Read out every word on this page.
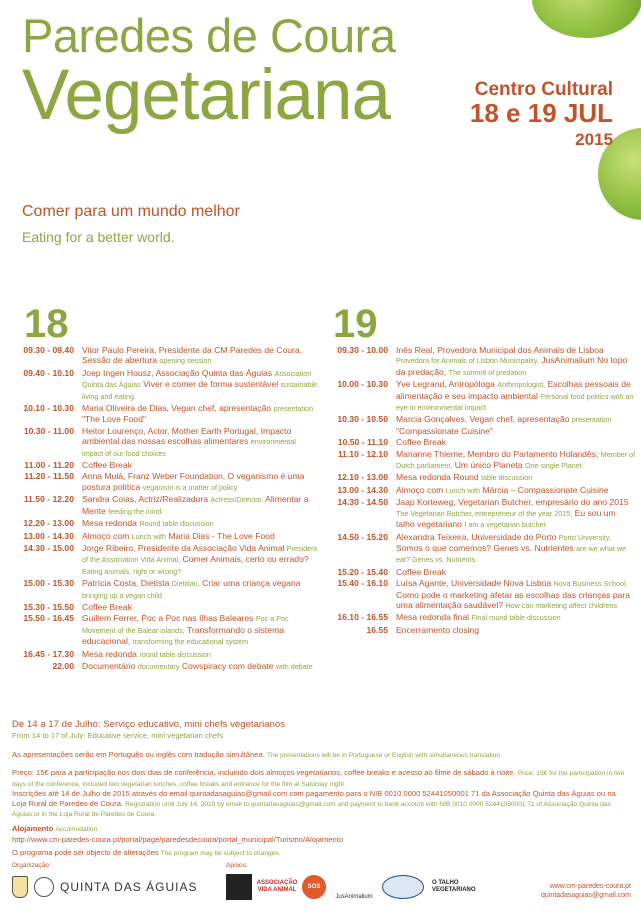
Paredes de Coura
Vegetariana	Centro Cultural
18 e 19 JUL
2015
Comer para um mundo melhor
Eating for a better world.
18
09.30 - 09.40 Vitor Paulo Pereira, Presidente da CM Paredes de Coura, Sessão de abertura opening session
09.40 - 10.10 Joep Ingen Housz, Associação Quinta das Águias Association Quinta das Águias Viver e comer de forma sustentável sustainable living and eating
10.10 - 10.30 Maria Oliveira de Dias, Vegan chef, apresentação presentation "The Love Food"
10.30 - 11.00 Heitor Lourenço, Actor, Mother Earth Portugal, Impacto ambiental das nossas escolhas alimentares environmental impact of our food choices
11.00 - 11.20 Coffee Break
11.20 - 11.50 Anna Mulà, Franz Weber Foundation, O veganismo é uma postura política veganism is a matter of policy
11.50 - 12.20 Sandra Coias, Actriz/Realizadora Actress/Director, Alimentar a Mente feeding the mind
12.20 - 13.00 Mesa redonda Round table discussion
13.00 - 14.30 Almoço com Lunch with Maria Dias - The Love Food
14.30 - 15.00 Jorge Ribeiro, Presidente da Associação Vida Animal President of the Association Vida Animal, Comer Animais, certo ou errado? Eating animals, right or wrong?
15.00 - 15.30 Patrícia Costa, Dietista Dietitian, Criar uma criança vegana bringing up a vegan child
15.30 - 15.50 Coffee Break
15.50 - 16.45 Guillem Ferrer, Poc a Poc nas Ilhas Baleares Poc a Poc Movement of the Balear islands, Transformando o sistema educacional, transforming the educational system
16.45 - 17.30 Mesa redonda round table discussion
22.00 Documentário documentary Cowspiracy com debate with debate
19
09.30 - 10.00 Inês Real, Provedora Municipal dos Animais de Lisboa Provedora for Animals of Lisbon Municipality, JusAnimalium No topo da predação, The summit of predation
10.00 - 10.30 Yve Legrand, Antropóloga Anthropologist, Escolhas pessoais de alimentação e seu impacto ambiental Personal food politics with an eye to environmental impact
10.30 - 10.50 Marcia Gonçalves, Vegan chef, apresentação presentation "Compassionate Cuisine"
10.50 - 11.10 Coffee Break
11.10 - 12.10 Marianne Thieme, Membro do Parlamento Holandês, Member of Dutch parliament, Um único Planeta One single Planet
12.10 - 13.00 Mesa redonda Round table discussion
13.00 - 14.30 Almoço com Lunch with Márcia – Compassionate Cuisine
14.30 - 14.50 Jaap Korteweg, Vegetarian Butcher, empresário do ano 2015 The Vegetarian Butcher, entrepreneur of the year 2015, Eu sou um talho vegetariano I am a vegetarian butcher
14.50 - 15.20 Alexandra Teixeira, Universidade do Porto Porto University, Somos o que comemos? Genes vs. Nutrientes are we what we eat? Genes vs. Nutrients
15.20 - 15.40 Coffee Break
15.40 - 16.10 Luísa Agante, Universidade Nova Lisboa Nova Business School, Como pode o marketing afetar as escolhas das crianças para uma alimentação saudável? How can marketing affect childrens
16.10 - 16.55 Mesa redonda final Final round table discussion
16.55 Encerramento closing
De 14 a 17 de Julho: Serviço educativo, mini chefs vegetarianos
From 14 to 17 of July: Educative service, mini vegetarian chefs
As apresentações serão em Português ou inglês com tradução simultânea. The presentations will be in Portuguese or English with simultaneous translation.
Preço: 15€ para a participação nos dois dias de conferência, incluindo dois almoços vegetarianos, coffee breaks e acesso ao filme de sábado à noite. Price: 15€ for the participation in two days of the conference, included two vegetarian lunches, coffee breaks and entrance for the film at Saturday night.
Inscrições até 14 de Julho de 2015 através do email quintadasaguias@gmail.com com pagamento para o NIB 0010 0000 52441050001 71 da Associação Quinta das Águias ou na Loja Rural de Paredes de Coura. Registration until July 14, 2015 by email to quintadasaguias@gmail.com and payment to bank account with NIB 0010 0000 52441050001 71 of Associação Quinta das Águias or in the Loja Rural de Paredes de Coura.
Alojamento Accomodation
http://www.cm-paredes-coura.pt/portal/page/paredesdecoura/portal_municipal/Turismo/Alojamento
O programa pode ser objecto de alterações The program may be subject to changes.
Organização:	Apoios:
QUINTA DAS ÁGUIAS	ASSOCIAÇÃO VIDA ANIMAL	SOS
JusAnimalium
O TALHO VEGETARIANO	www.cm-paredes-coura.pt
quintadasaguias@gmail.com
